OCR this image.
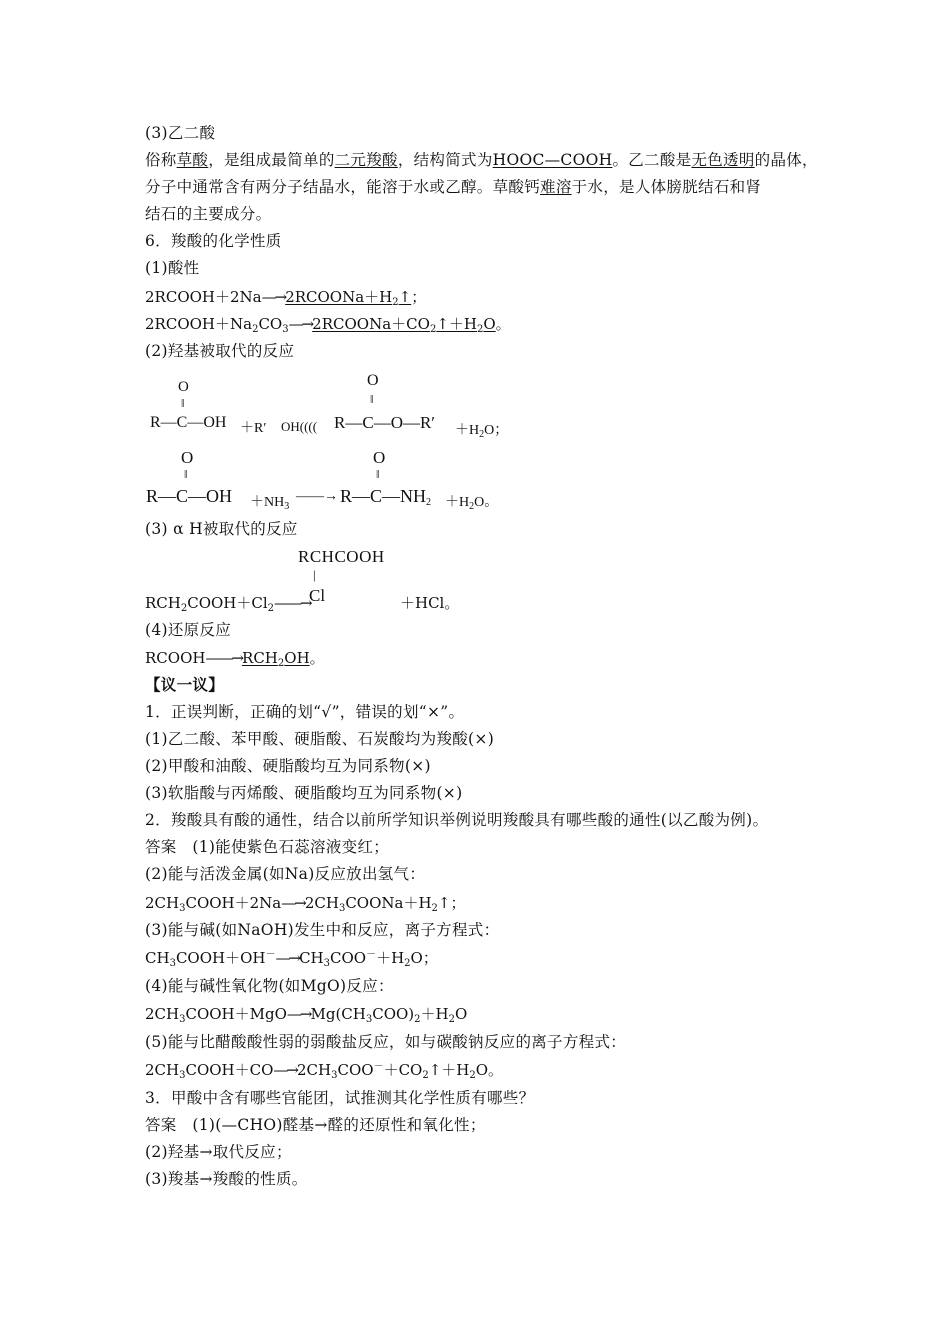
(3)乙二酸
俗称草酸，是组成最简单的二元羧酸，结构简式为HOOC—COOH。乙二酸是无色透明的晶体，
分子中通常含有两分子结晶水，能溶于水或乙醇。草酸钙难溶于水，是人体膀胱结石和肾
结石的主要成分。
6．羧酸的化学性质
(1)酸性
$2RCOOH+2Na—\to 2RCOONa+H_2↑$；
$2RCOOH+Na_2CO_3—\to 2RCOONa+CO_2↑+H_2O$。
(2)羟基被取代的反应
O
‖
R—C—OH ＋R′ OH((((
O
‖
R—C—O—R′ $+H_2O$；
O
‖
R—C—OH $+NH_3$
——→
O
‖
$R—C—NH_2 +H_2O$。
(3) α H被取代的反应
RCHCOOH
|
Cl
$RCH_2COOH+Cl_2——\to$	＋HCl。
(4)还原反应
$RCOOH——\to RCH_2OH$。
【议一议】
1．正误判断，正确的划“√”，错误的划“×”。
(1)乙二酸、苯甲酸、硬脂酸、石炭酸均为羧酸(×)
(2)甲酸和油酸、硬脂酸均互为同系物(×)
(3)软脂酸与丙烯酸、硬脂酸均互为同系物(×)
2．羧酸具有酸的通性，结合以前所学知识举例说明羧酸具有哪些酸的通性(以乙酸为例)。
答案　(1)能使紫色石蕊溶液变红；
(2)能与活泼金属(如Na)反应放出氢气：
$2CH_3COOH+2Na—\to 2CH_3COONa+H_2↑$；
(3)能与碱(如NaOH)发生中和反应，离子方程式：
$CH_3COOH+OH^-—\to CH_3COO^-+H_2O$；
(4)能与碱性氧化物(如MgO)反应：
$2CH_3COOH+MgO—\to Mg(CH_3COO)_2+H_2O$
(5)能与比醋酸酸性弱的弱酸盐反应，如与碳酸钠反应的离子方程式：
$2CH_3COOH+CO—\to 2CH_3COO^-+CO_2↑+H_2O$。
3．甲酸中含有哪些官能团，试推测其化学性质有哪些？
答案　(1)(—CHO)醛基→醛的还原性和氧化性；
(2)羟基→取代反应；
(3)羧基→羧酸的性质。
